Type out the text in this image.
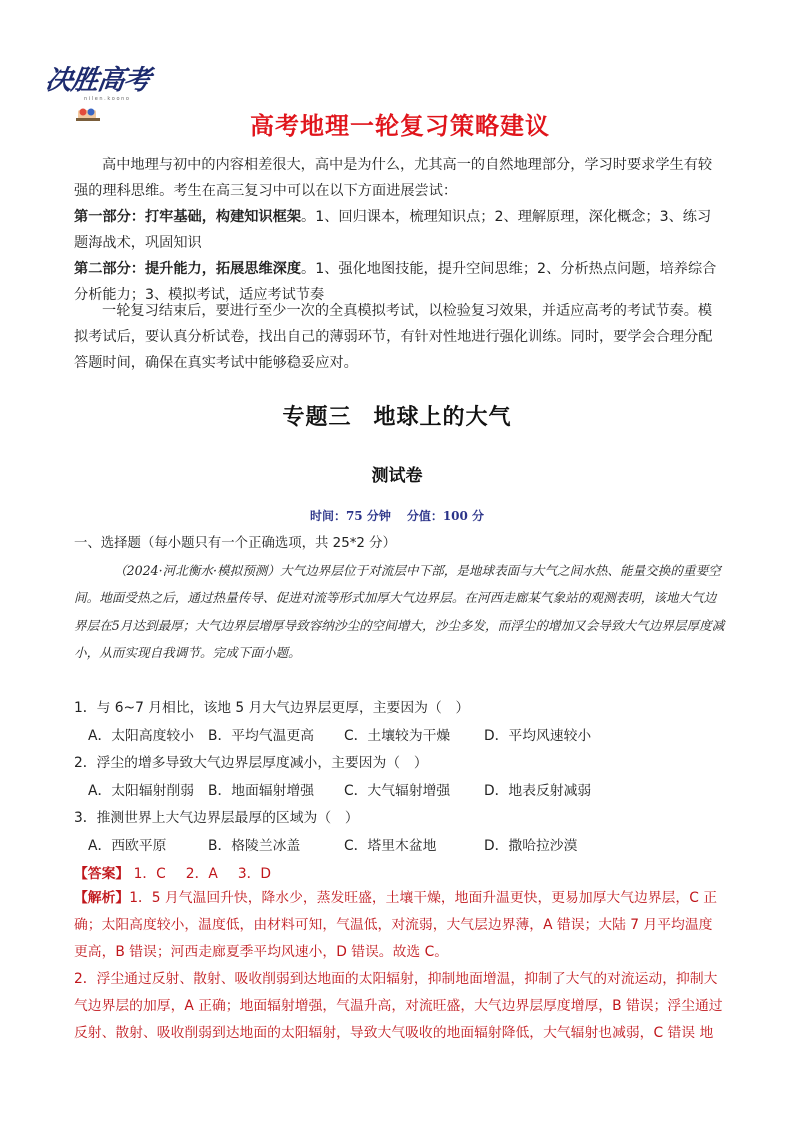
决胜高考
n i l e n . k o o n o
高考地理一轮复习策略建议
高中地理与初中的内容相差很大，高中是为什么，尤其高一的自然地理部分，学习时要求学生有较强的理科思维。考生在高三复习中可以在以下方面进展尝试：
第一部分：打牢基础，构建知识框架。1、回归课本，梳理知识点；2、理解原理，深化概念；3、练习题海战术，巩固知识
第二部分：提升能力，拓展思维深度。1、强化地图技能，提升空间思维；2、分析热点问题，培养综合分析能力；3、模拟考试，适应考试节奏
一轮复习结束后，要进行至少一次的全真模拟考试，以检验复习效果，并适应高考的考试节奏。模拟考试后，要认真分析试卷，找出自己的薄弱环节，有针对性地进行强化训练。同时，要学会合理分配答题时间，确保在真实考试中能够稳妥应对。
专题三 地球上的大气
测试卷
时间：75 分钟 分值：100 分
一、选择题（每小题只有一个正确选项，共 25*2 分）
（2024·河北衡水·模拟预测）大气边界层位于对流层中下部，是地球表面与大气之间水热、能量交换的重要空间。地面受热之后，通过热量传导、促进对流等形式加厚大气边界层。在河西走廊某气象站的观测表明，该地大气边界层在5月达到最厚；大气边界层增厚导致容纳沙尘的空间增大，沙尘多发，而浮尘的增加又会导致大气边界层厚度减小，从而实现自我调节。完成下面小题。
1．与 6~7 月相比，该地 5 月大气边界层更厚，主要因为（　）
A．太阳高度较小 B．平均气温更高 C．土壤较为干燥 D．平均风速较小
2．浮尘的增多导致大气边界层厚度减小，主要因为（　）
A．太阳辐射削弱 B．地面辐射增强 C．大气辐射增强 D．地表反射减弱
3．推测世界上大气边界层最厚的区域为（　）
A．西欧平原	B．格陵兰冰盖	C．塔里木盆地	D．撒哈拉沙漠
【答案】 1．C 2．A 3．D
【解析】1．5 月气温回升快，降水少，蒸发旺盛，土壤干燥，地面升温更快，更易加厚大气边界层，C 正确；太阳高度较小，温度低，由材料可知，气温低，对流弱，大气层边界薄，A 错误；大陆 7 月平均温度更高，B 错误；河西走廊夏季平均风速小，D 错误。故选 C。
2．浮尘通过反射、散射、吸收削弱到达地面的太阳辐射，抑制地面增温，抑制了大气的对流运动，抑制大气边界层的加厚，A 正确；地面辐射增强，气温升高，对流旺盛，大气边界层厚度增厚，B 错误；浮尘通过反射、散射、吸收削弱到达地面的太阳辐射，导致大气吸收的地面辐射降低，大气辐射也减弱，C 错误 地
